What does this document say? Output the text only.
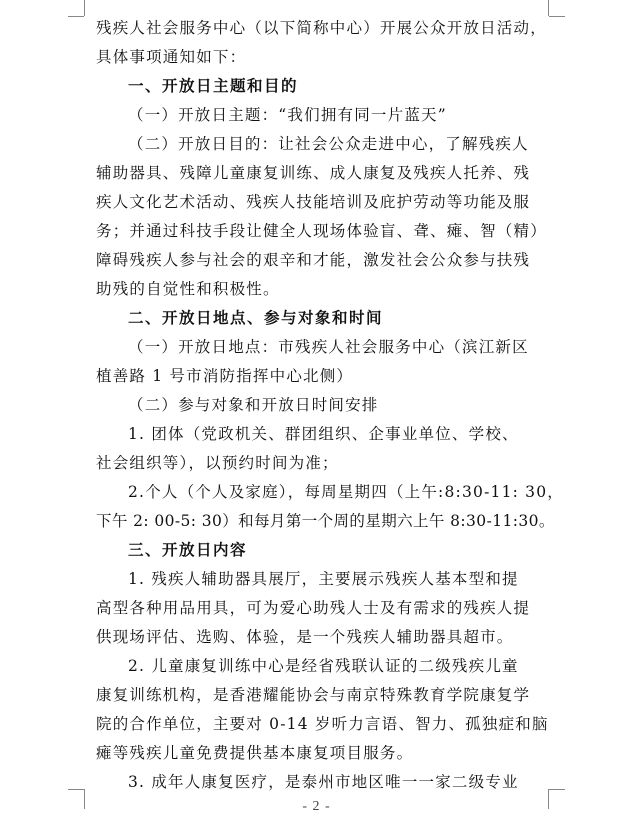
残疾人社会服务中心（以下简称中心）开展公众开放日活动，
具体事项通知如下：
一、开放日主题和目的
（一）开放日主题：“我们拥有同一片蓝天”
（二）开放日目的：让社会公众走进中心，了解残疾人
辅助器具、残障儿童康复训练、成人康复及残疾人托养、残
疾人文化艺术活动、残疾人技能培训及庇护劳动等功能及服
务；并通过科技手段让健全人现场体验盲、聋、瘫、智（精）
障碍残疾人参与社会的艰辛和才能，激发社会公众参与扶残
助残的自觉性和积极性。
二、开放日地点、参与对象和时间
（一）开放日地点：市残疾人社会服务中心（滨江新区
植善路 1 号市消防指挥中心北侧）
（二）参与对象和开放日时间安排
1. 团体（党政机关、群团组织、企事业单位、学校、
社会组织等），以预约时间为准；
2.个人（个人及家庭），每周星期四（上午:8:30-11: 30，
下午 2: 00-5: 30）和每月第一个周的星期六上午 8:30-11:30。
三、开放日内容
1. 残疾人辅助器具展厅，主要展示残疾人基本型和提
高型各种用品用具，可为爱心助残人士及有需求的残疾人提
供现场评估、选购、体验，是一个残疾人辅助器具超市。
2. 儿童康复训练中心是经省残联认证的二级残疾儿童
康复训练机构，是香港耀能协会与南京特殊教育学院康复学
院的合作单位，主要对 0-14 岁听力言语、智力、孤独症和脑
瘫等残疾儿童免费提供基本康复项目服务。
3. 成年人康复医疗，是泰州市地区唯一一家二级专业
- 2 -
